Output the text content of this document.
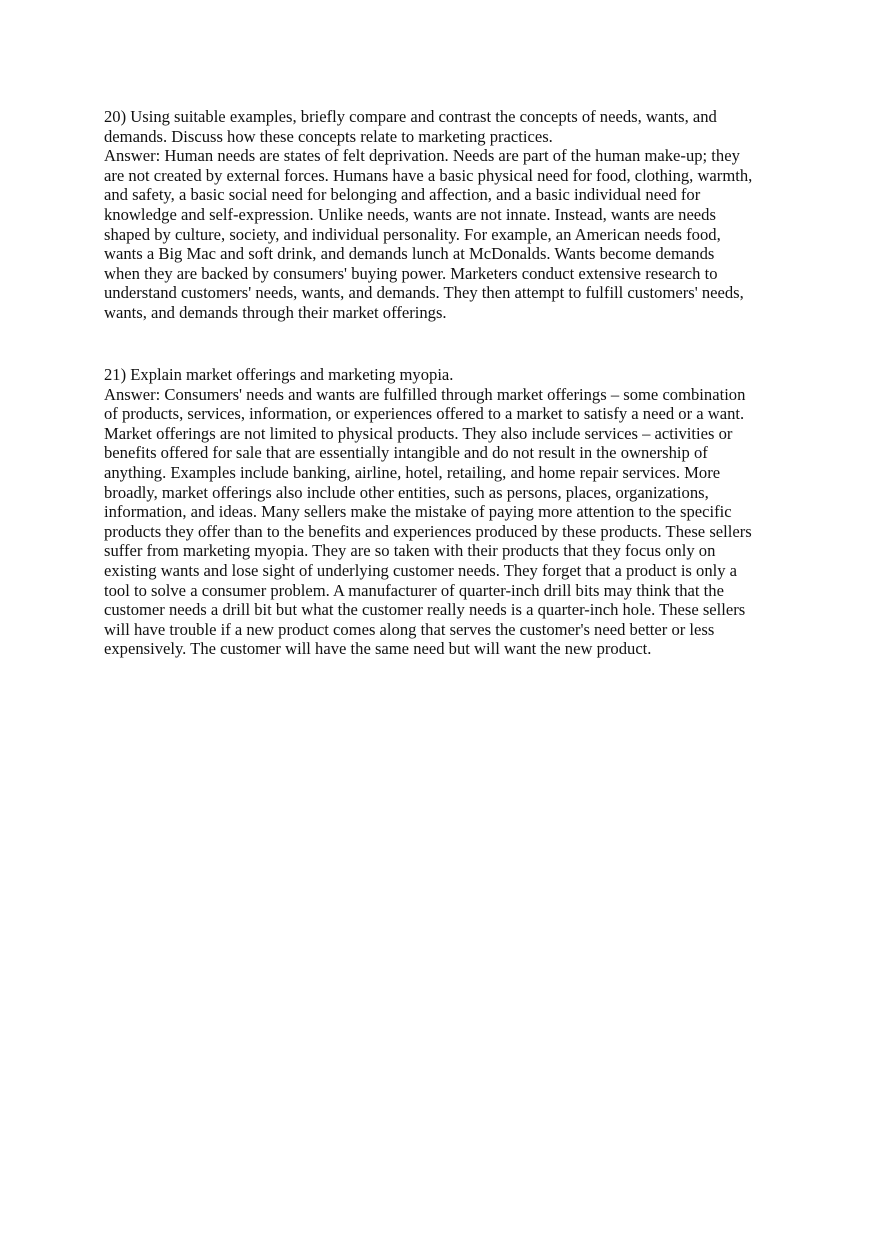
20) Using suitable examples, briefly compare and contrast the concepts of needs, wants, and
demands. Discuss how these concepts relate to marketing practices.

Answer: Human needs are states of felt deprivation. Needs are part of the human make-up; they
are not created by external forces. Humans have a basic physical need for food, clothing, warmth,
and safety, a basic social need for belonging and affection, and a basic individual need for
knowledge and self-expression. Unlike needs, wants are not innate. Instead, wants are needs
shaped by culture, society, and individual personality. For example, an American needs food,
wants a Big Mac and soft drink, and demands lunch at McDonalds. Wants become demands
when they are backed by consumers' buying power. Marketers conduct extensive research to
understand customers' needs, wants, and demands. They then attempt to fulfill customers' needs,
wants, and demands through their market offerings.

21) Explain market offerings and marketing myopia.

Answer: Consumers' needs and wants are fulfilled through market offerings – some combination
of products, services, information, or experiences offered to a market to satisfy a need or a want.
Market offerings are not limited to physical products. They also include services – activities or
benefits offered for sale that are essentially intangible and do not result in the ownership of
anything. Examples include banking, airline, hotel, retailing, and home repair services. More
broadly, market offerings also include other entities, such as persons, places, organizations,
information, and ideas. Many sellers make the mistake of paying more attention to the specific
products they offer than to the benefits and experiences produced by these products. These sellers
suffer from marketing myopia. They are so taken with their products that they focus only on
existing wants and lose sight of underlying customer needs. They forget that a product is only a
tool to solve a consumer problem. A manufacturer of quarter-inch drill bits may think that the
customer needs a drill bit but what the customer really needs is a quarter-inch hole. These sellers
will have trouble if a new product comes along that serves the customer's need better or less
expensively. The customer will have the same need but will want the new product.
